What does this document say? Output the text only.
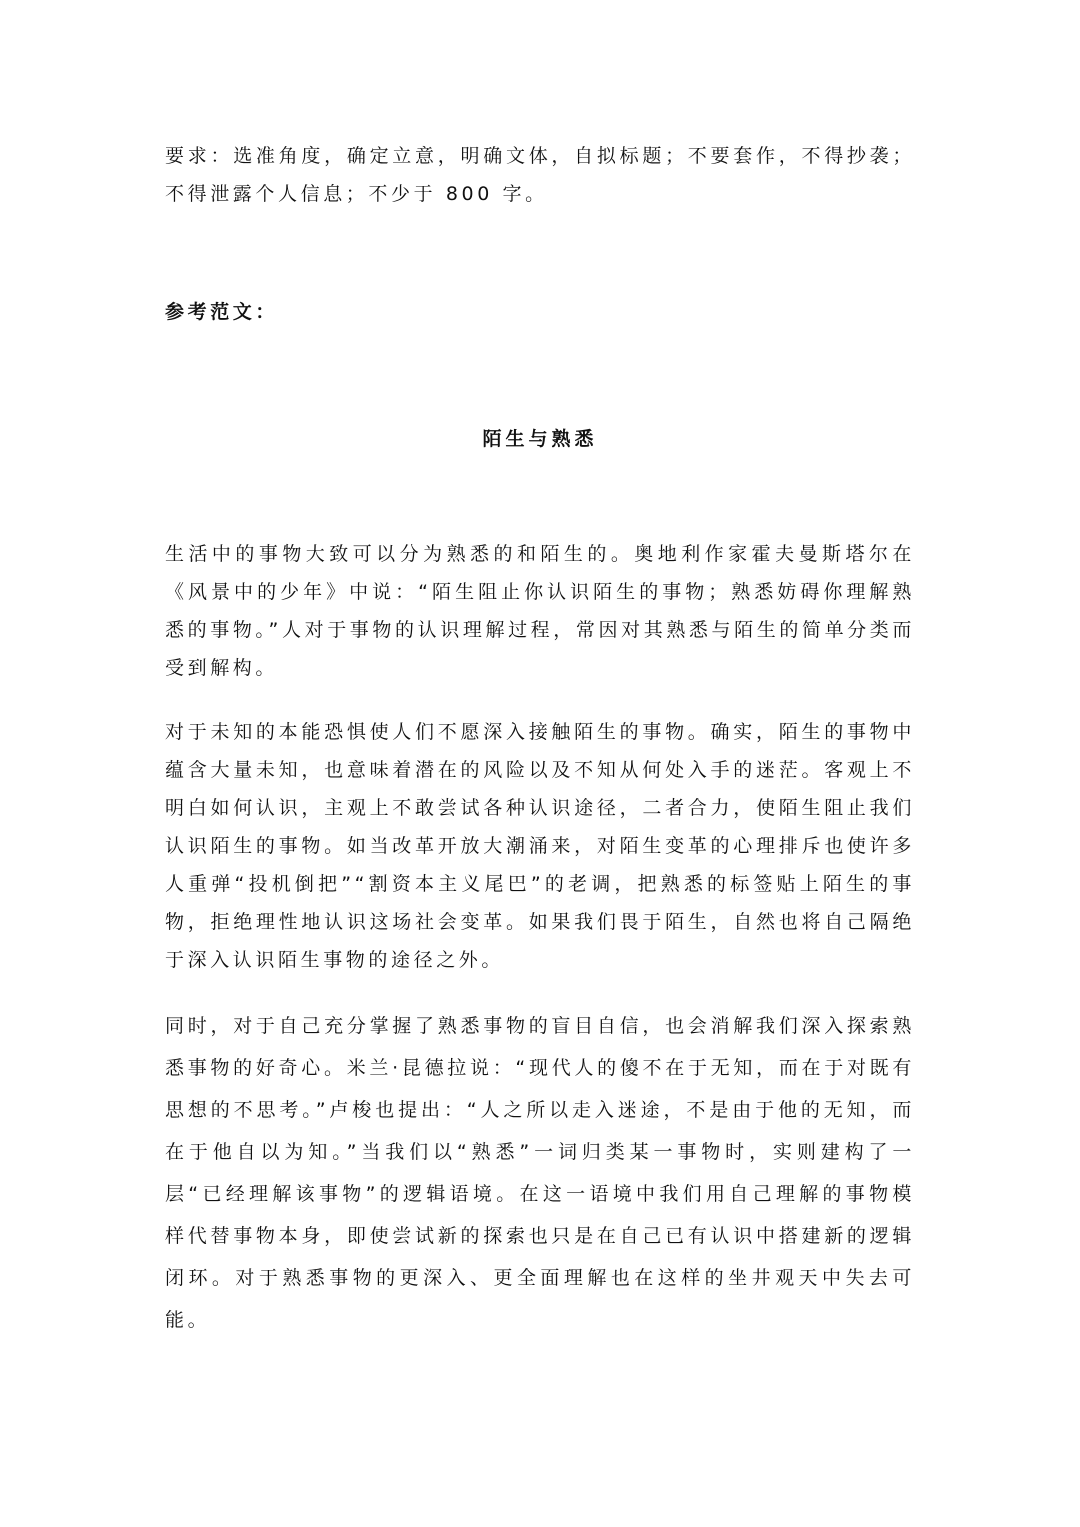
要求：选准角度，确定立意，明确文体，自拟标题；不要套作，不得抄袭；不得泄露个人信息；不少于 800 字。
参考范文：
陌生与熟悉
生活中的事物大致可以分为熟悉的和陌生的。奥地利作家霍夫曼斯塔尔在《风景中的少年》中说：“陌生阻止你认识陌生的事物；熟悉妨碍你理解熟悉的事物。”人对于事物的认识理解过程，常因对其熟悉与陌生的简单分类而受到解构。
对于未知的本能恐惧使人们不愿深入接触陌生的事物。确实，陌生的事物中蕴含大量未知，也意味着潜在的风险以及不知从何处入手的迷茫。客观上不明白如何认识，主观上不敢尝试各种认识途径，二者合力，使陌生阻止我们认识陌生的事物。如当改革开放大潮涌来，对陌生变革的心理排斥也使许多人重弹“投机倒把”“割资本主义尾巴”的老调，把熟悉的标签贴上陌生的事物，拒绝理性地认识这场社会变革。如果我们畏于陌生，自然也将自己隔绝于深入认识陌生事物的途径之外。
同时，对于自己充分掌握了熟悉事物的盲目自信，也会消解我们深入探索熟悉事物的好奇心。米兰·昆德拉说：“现代人的傻不在于无知，而在于对既有思想的不思考。”卢梭也提出：“人之所以走入迷途，不是由于他的无知，而在于他自以为知。”当我们以“熟悉”一词归类某一事物时，实则建构了一层“已经理解该事物”的逻辑语境。在这一语境中我们用自己理解的事物模样代替事物本身，即使尝试新的探索也只是在自己已有认识中搭建新的逻辑闭环。对于熟悉事物的更深入、更全面理解也在这样的坐井观天中失去可能。
